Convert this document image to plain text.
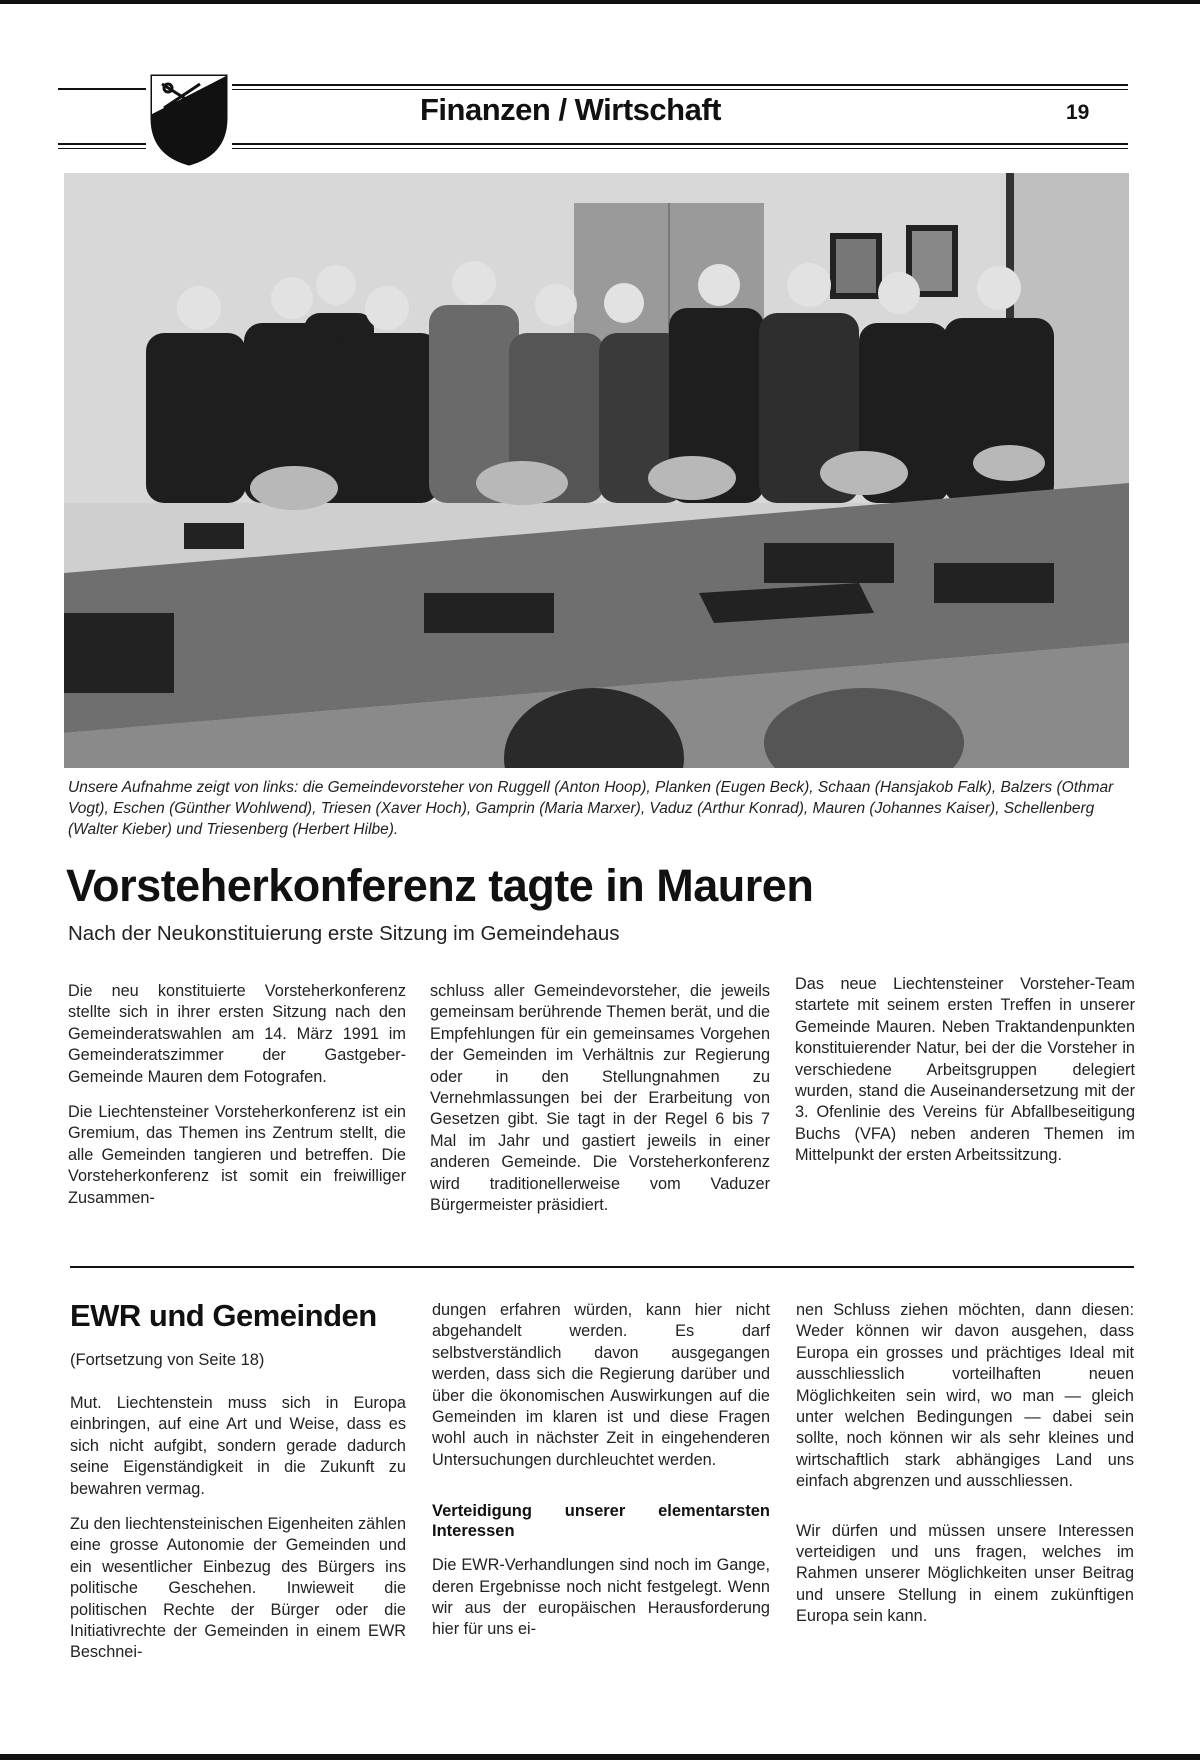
Finanzen / Wirtschaft	19
Unsere Aufnahme zeigt von links: die Gemeindevorsteher von Ruggell (Anton Hoop), Planken (Eugen Beck), Schaan (Hansjakob Falk), Balzers (Othmar Vogt), Eschen (Günther Wohlwend), Triesen (Xaver Hoch), Gamprin (Maria Marxer), Vaduz (Arthur Konrad), Mauren (Johannes Kaiser), Schellenberg (Walter Kieber) und Triesenberg (Herbert Hilbe).
Vorsteherkonferenz tagte in Mauren
Nach der Neukonstituierung erste Sitzung im Gemeindehaus

Die neu konstituierte Vorsteherkonferenz stellte sich in ihrer ersten Sitzung nach den Gemeinderatswahlen am 14. März 1991 im Gemeinderatszimmer der Gastgeber-Gemeinde Mauren dem Fotografen.

Die Liechtensteiner Vorsteherkonferenz ist ein Gremium, das Themen ins Zentrum stellt, die alle Gemeinden tangieren und betreffen. Die Vorsteherkonferenz ist somit ein freiwilliger Zusammen-

schluss aller Gemeindevorsteher, die jeweils gemeinsam berührende Themen berät, und die Empfehlungen für ein gemeinsames Vorgehen der Gemeinden im Verhältnis zur Regierung oder in den Stellungnahmen zu Vernehmlassungen bei der Erarbeitung von Gesetzen gibt. Sie tagt in der Regel 6 bis 7 Mal im Jahr und gastiert jeweils in einer anderen Gemeinde. Die Vorsteherkonferenz wird traditionellerweise vom Vaduzer Bürgermeister präsidiert.

Das neue Liechtensteiner Vorsteher-Team startete mit seinem ersten Treffen in unserer Gemeinde Mauren. Neben Traktandenpunkten konstituierender Natur, bei der die Vorsteher in verschiedene Arbeitsgruppen delegiert wurden, stand die Auseinandersetzung mit der 3. Ofenlinie des Vereins für Abfallbeseitigung Buchs (VFA) neben anderen Themen im Mittelpunkt der ersten Arbeitssitzung.

EWR und Gemeinden
(Fortsetzung von Seite 18)

Mut. Liechtenstein muss sich in Europa einbringen, auf eine Art und Weise, dass es sich nicht aufgibt, sondern gerade dadurch seine Eigenständigkeit in die Zukunft zu bewahren vermag.

Zu den liechtensteinischen Eigenheiten zählen eine grosse Autonomie der Gemeinden und ein wesentlicher Einbezug des Bürgers ins politische Geschehen. Inwieweit die politischen Rechte der Bürger oder die Initiativrechte der Gemeinden in einem EWR Beschnei-

dungen erfahren würden, kann hier nicht abgehandelt werden. Es darf selbstverständlich davon ausgegangen werden, dass sich die Regierung darüber und über die ökonomischen Auswirkungen auf die Gemeinden im klaren ist und diese Fragen wohl auch in nächster Zeit in eingehenderen Untersuchungen durchleuchtet werden.

Verteidigung unserer elementarsten Interessen

Die EWR-Verhandlungen sind noch im Gange, deren Ergebnisse noch nicht festgelegt. Wenn wir aus der europäischen Herausforderung hier für uns ei-

nen Schluss ziehen möchten, dann diesen: Weder können wir davon ausgehen, dass Europa ein grosses und prächtiges Ideal mit ausschliesslich vorteilhaften neuen Möglichkeiten sein wird, wo man — gleich unter welchen Bedingungen — dabei sein sollte, noch können wir als sehr kleines und wirtschaftlich stark abhängiges Land uns einfach abgrenzen und ausschliessen.

Wir dürfen und müssen unsere Interessen verteidigen und uns fragen, welches im Rahmen unserer Möglichkeiten unser Beitrag und unsere Stellung in einem zukünftigen Europa sein kann.
